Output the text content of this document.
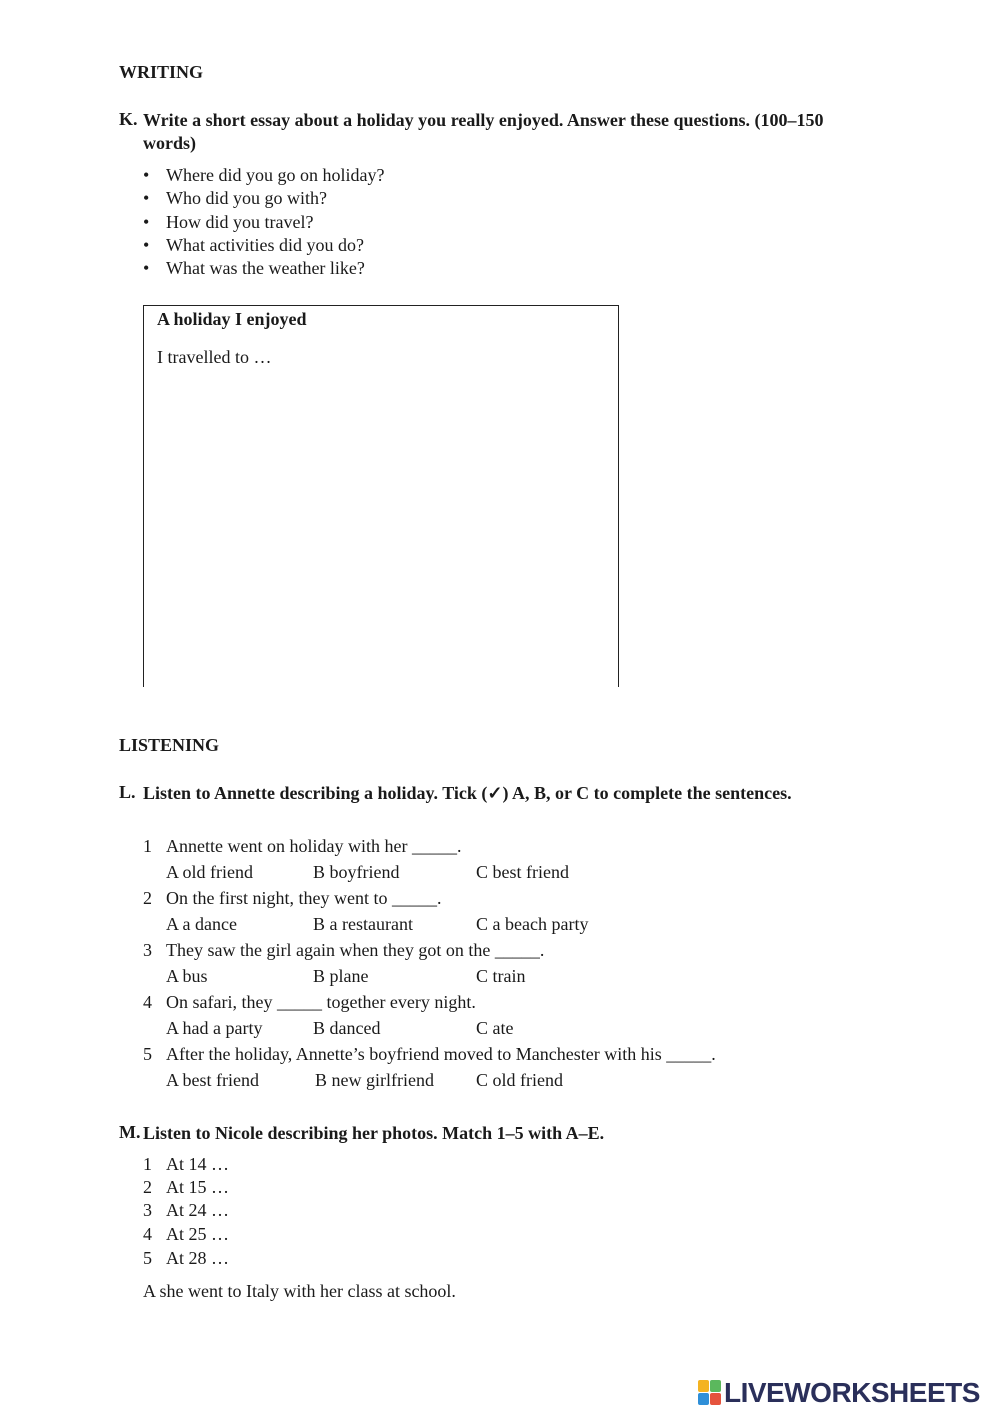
WRITING
K. Write a short essay about a holiday you really enjoyed. Answer these questions. (100–150 words)
• Where did you go on holiday?
• Who did you go with?
• How did you travel?
• What activities did you do?
• What was the weather like?
A holiday I enjoyed
I travelled to …
LISTENING
L. Listen to Annette describing a holiday. Tick (✓) A, B, or C to complete the sentences.
1 Annette went on holiday with her _____.
A old friend	B boyfriend	C best friend
2 On the first night, they went to _____.
A a dance	B a restaurant	C a beach party
3 They saw the girl again when they got on the _____.
A bus	B plane	C train
4 On safari, they _____ together every night.
A had a party	B danced	C ate
5 After the holiday, Annette’s boyfriend moved to Manchester with his _____.
A best friend	B new girlfriend C old friend
M. Listen to Nicole describing her photos. Match 1–5 with A–E.
1 At 14 …
2 At 15 …
3 At 24 …
4 At 25 …
5 At 28 …
A she went to Italy with her class at school.
LIVEWORKSHEETS
